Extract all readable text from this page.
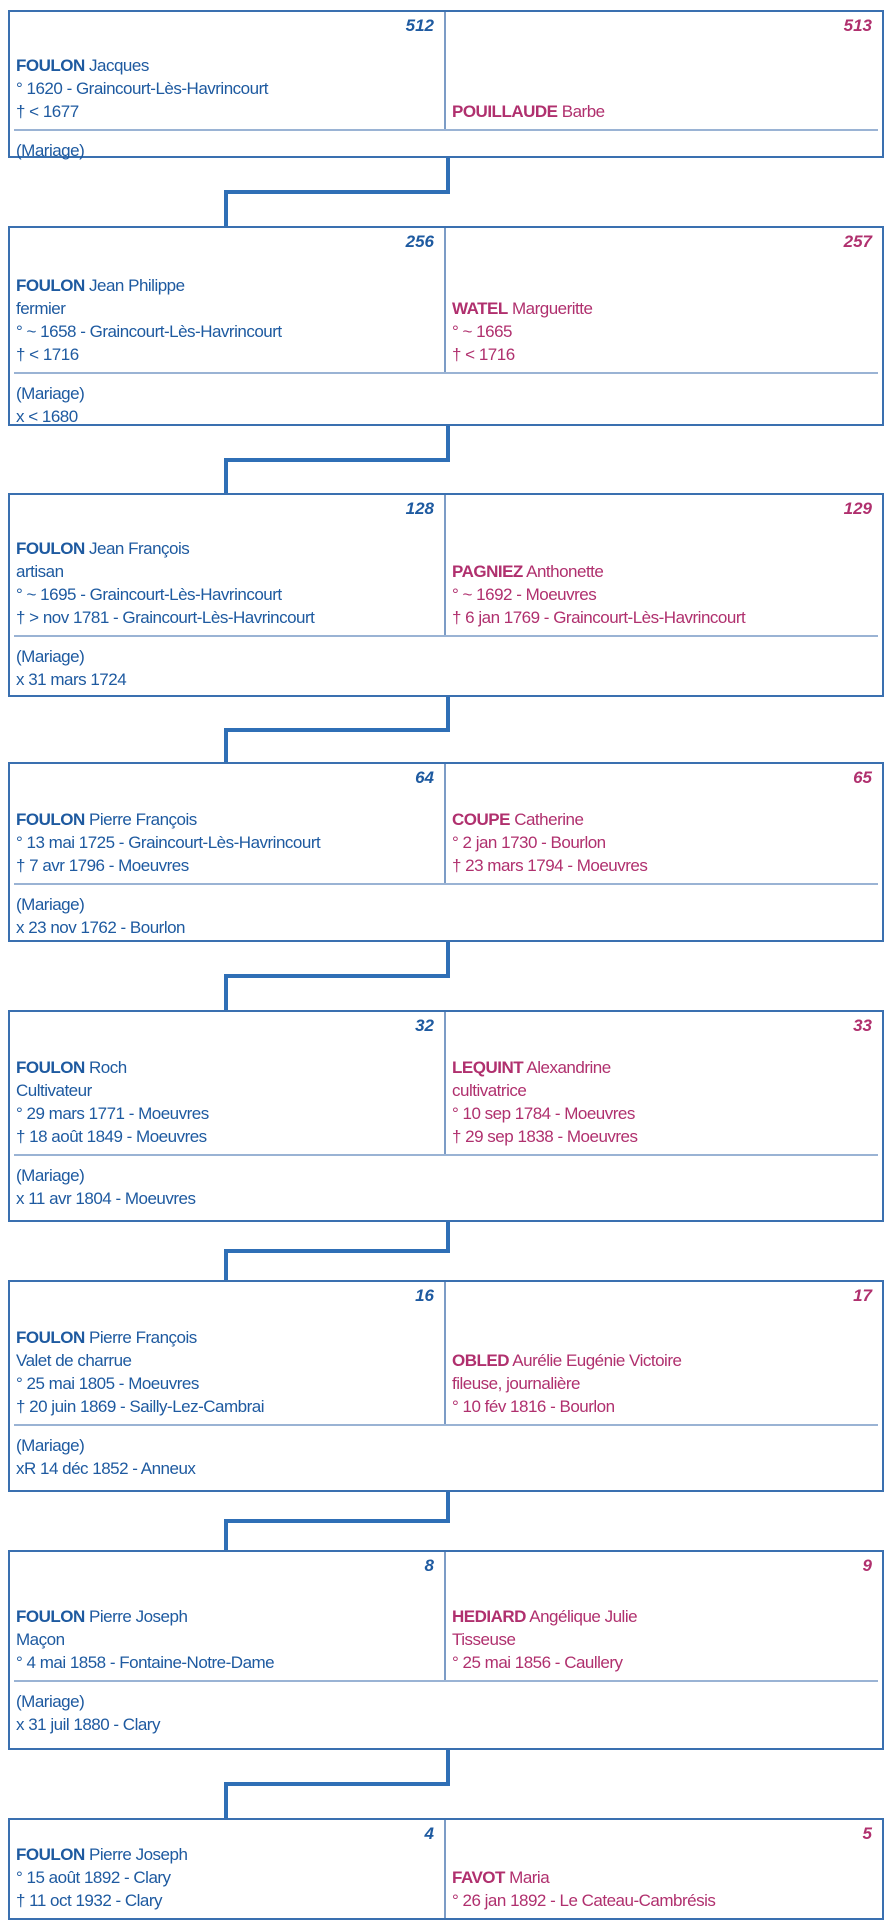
512
FOULON Jacques
° 1620 - Graincourt-Lès-Havrincourt
† < 1677
513
POUILLAUDE Barbe
(Mariage)
256
FOULON Jean Philippe
fermier
° ~ 1658 - Graincourt-Lès-Havrincourt
† < 1716
257
WATEL Margueritte
° ~ 1665
† < 1716
(Mariage)
x < 1680
128
FOULON Jean François
artisan
° ~ 1695 - Graincourt-Lès-Havrincourt
† > nov 1781 - Graincourt-Lès-Havrincourt
129
PAGNIEZ Anthonette
° ~ 1692 - Moeuvres
† 6 jan 1769 - Graincourt-Lès-Havrincourt
(Mariage)
x 31 mars 1724
64
FOULON Pierre François
° 13 mai 1725 - Graincourt-Lès-Havrincourt
† 7 avr 1796 - Moeuvres
65
COUPE Catherine
° 2 jan 1730 - Bourlon
† 23 mars 1794 - Moeuvres
(Mariage)
x 23 nov 1762 - Bourlon
32
FOULON Roch
Cultivateur
° 29 mars 1771 - Moeuvres
† 18 août 1849 - Moeuvres
33
LEQUINT Alexandrine
cultivatrice
° 10 sep 1784 - Moeuvres
† 29 sep 1838 - Moeuvres
(Mariage)
x 11 avr 1804 - Moeuvres
16
FOULON Pierre François
Valet de charrue
° 25 mai 1805 - Moeuvres
† 20 juin 1869 - Sailly-Lez-Cambrai
17
OBLED Aurélie Eugénie Victoire
fileuse, journalière
° 10 fév 1816 - Bourlon
(Mariage)
xR 14 déc 1852 - Anneux
8
FOULON Pierre Joseph
Maçon
° 4 mai 1858 - Fontaine-Notre-Dame
9
HEDIARD Angélique Julie
Tisseuse
° 25 mai 1856 - Caullery
(Mariage)
x 31 juil 1880 - Clary
4
FOULON Pierre Joseph
° 15 août 1892 - Clary
† 11 oct 1932 - Clary
5
FAVOT Maria
° 26 jan 1892 - Le Cateau-Cambrésis
